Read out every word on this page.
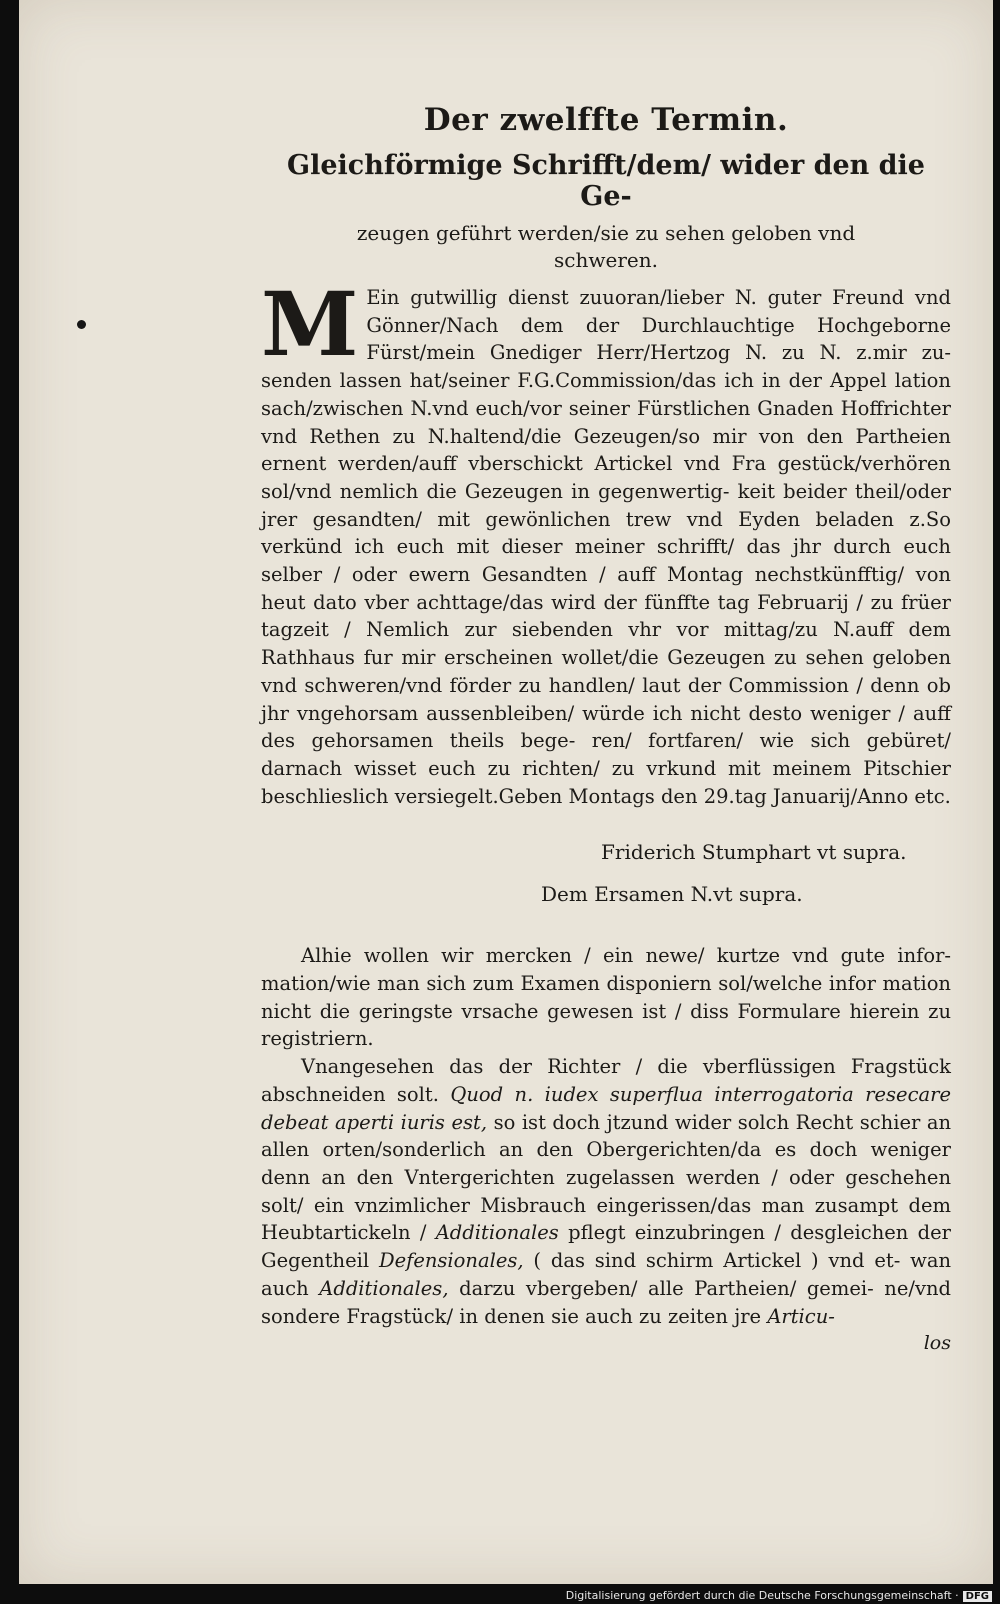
Der zwelffte Termin.
Gleichförmige Schrifft/dem/ wider den die Ge-
zeugen geführt werden/sie zu sehen geloben vnd
schweren.

M Ein gutwillig dienst zuuoran/lieber N. guter Freund vnd Gönner/Nach dem der Durchlauchtige Hochgeborne Fürst/mein Gnediger Herr/Hertzog N. zu N. z.mir zu- senden lassen hat/seiner F.G.Commission/das ich in der Appel lation sach/zwischen N.vnd euch/vor seiner Fürstlichen Gnaden Hoffrichter vnd Rethen zu N.haltend/die Gezeugen/so mir von den Partheien ernent werden/auff vberschickt Artickel vnd Fra gestück/verhören sol/vnd nemlich die Gezeugen in gegenwertig- keit beider theil/oder jrer gesandten/ mit gewönlichen trew vnd Eyden beladen z.So verkünd ich euch mit dieser meiner schrifft/ das jhr durch euch selber / oder ewern Gesandten / auff Montag nechstkünfftig/ von heut dato vber achttage/das wird der fünffte tag Februarij / zu früer tagzeit / Nemlich zur siebenden vhr vor mittag/zu N.auff dem Rathhaus fur mir erscheinen wollet/die Gezeugen zu sehen geloben vnd schweren/vnd förder zu handlen/ laut der Commission / denn ob jhr vngehorsam aussenbleiben/ würde ich nicht desto weniger / auff des gehorsamen theils bege- ren/ fortfaren/ wie sich gebüret/ darnach wisset euch zu richten/ zu vrkund mit meinem Pitschier beschlieslich versiegelt.Geben Montags den 29.tag Januarij/Anno etc.

Friderich Stumphart vt supra.
Dem Ersamen N.vt supra.

Alhie wollen wir mercken / ein newe/ kurtze vnd gute infor- mation/wie man sich zum Examen disponiern sol/welche infor mation nicht die geringste vrsache gewesen ist / diss Formulare hierein zu registriern.

Vnangesehen das der Richter / die vberflüssigen Fragstück abschneiden solt. Quod n. iudex superflua interrogatoria resecare debeat aperti iuris est, so ist doch jtzund wider solch Recht schier an allen orten/sonderlich an den Obergerichten/da es doch weniger denn an den Vntergerichten zugelassen werden / oder geschehen solt/ ein vnzimlicher Misbrauch eingerissen/das man zusampt dem Heubtartickeln / Additionales pflegt einzubringen / desgleichen der Gegentheil Defensionales, ( das sind schirm Artickel ) vnd et- wan auch Additionales, darzu vbergeben/ alle Partheien/ gemei- ne/vnd sondere Fragstück/ in denen sie auch zu zeiten jre Articu-

los
Digitalisierung gefördert durch die Deutsche Forschungsgemeinschaft · DFG
